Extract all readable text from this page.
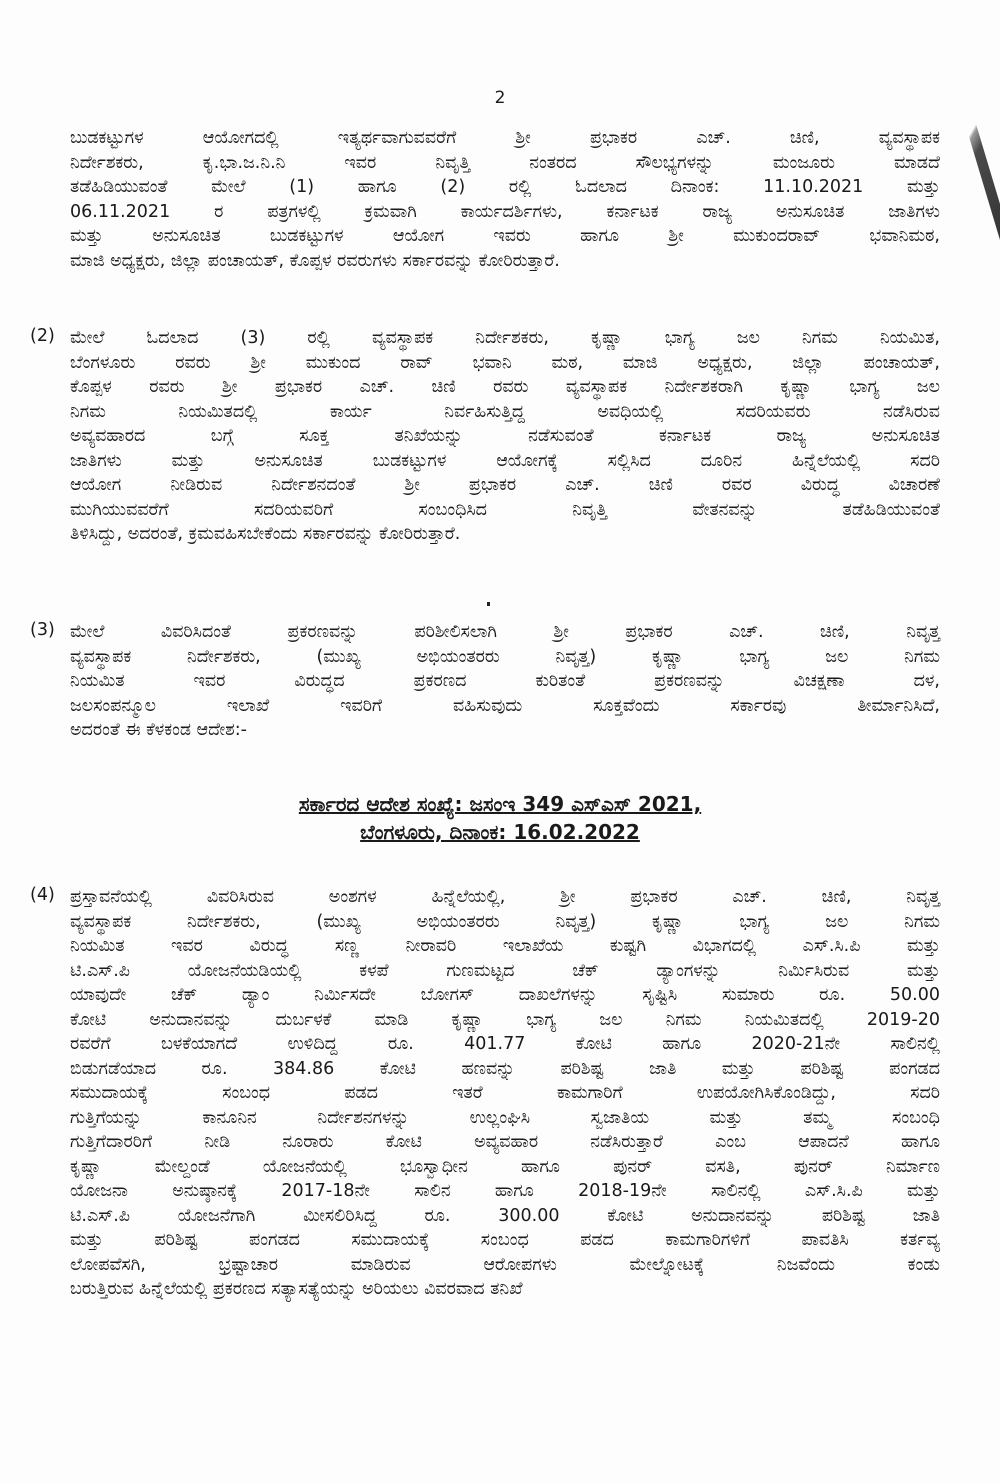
2
ಬುಡಕಟ್ಟುಗಳ ಆಯೋಗದಲ್ಲಿ ಇತ್ಯರ್ಥವಾಗುವವರೆಗೆ ಶ್ರೀ ಪ್ರಭಾಕರ ಎಚ್. ಚಿಣಿ, ವ್ಯವಸ್ಥಾಪಕ
ನಿರ್ದೇಶಕರು, ಕೃ.ಭಾ.ಜ.ನಿ.ನಿ ಇವರ ನಿವೃತ್ತಿ ನಂತರದ ಸೌಲಭ್ಯಗಳನ್ನು ಮಂಜೂರು ಮಾಡದೆ
ತಡೆಹಿಡಿಯುವಂತೆ ಮೇಲೆ (1) ಹಾಗೂ (2) ರಲ್ಲಿ ಓದಲಾದ ದಿನಾಂಕ: 11.10.2021 ಮತ್ತು
06.11.2021 ರ ಪತ್ರಗಳಲ್ಲಿ ಕ್ರಮವಾಗಿ ಕಾರ್ಯದರ್ಶಿಗಳು, ಕರ್ನಾಟಕ ರಾಜ್ಯ ಅನುಸೂಚಿತ ಜಾತಿಗಳು
ಮತ್ತು ಅನುಸೂಚಿತ ಬುಡಕಟ್ಟುಗಳ ಆಯೋಗ ಇವರು ಹಾಗೂ ಶ್ರೀ ಮುಕುಂದರಾವ್ ಭವಾನಿಮಠ,
ಮಾಜಿ ಅಧ್ಯಕ್ಷರು, ಜಿಲ್ಲಾ ಪಂಚಾಯತ್, ಕೊಪ್ಪಳ ರವರುಗಳು ಸರ್ಕಾರವನ್ನು ಕೋರಿರುತ್ತಾರೆ.
(2) ಮೇಲೆ ಓದಲಾದ (3) ರಲ್ಲಿ ವ್ಯವಸ್ಥಾಪಕ ನಿರ್ದೇಶಕರು, ಕೃಷ್ಣಾ ಭಾಗ್ಯ ಜಲ ನಿಗಮ ನಿಯಮಿತ,
ಬೆಂಗಳೂರು ರವರು ಶ್ರೀ ಮುಕುಂದ ರಾವ್ ಭವಾನಿ ಮಠ, ಮಾಜಿ ಅಧ್ಯಕ್ಷರು, ಜಿಲ್ಲಾ ಪಂಚಾಯತ್,
ಕೊಪ್ಪಳ ರವರು ಶ್ರೀ ಪ್ರಭಾಕರ ಎಚ್. ಚಿಣಿ ರವರು ವ್ಯವಸ್ಥಾಪಕ ನಿರ್ದೇಶಕರಾಗಿ ಕೃಷ್ಣಾ ಭಾಗ್ಯ ಜಲ
ನಿಗಮ ನಿಯಮಿತದಲ್ಲಿ ಕಾರ್ಯ ನಿರ್ವಹಿಸುತ್ತಿದ್ದ ಅವಧಿಯಲ್ಲಿ ಸದರಿಯವರು ನಡೆಸಿರುವ
ಅವ್ಯವಹಾರದ ಬಗ್ಗೆ ಸೂಕ್ತ ತನಿಖೆಯನ್ನು ನಡೆಸುವಂತೆ ಕರ್ನಾಟಕ ರಾಜ್ಯ ಅನುಸೂಚಿತ
ಜಾತಿಗಳು ಮತ್ತು ಅನುಸೂಚಿತ ಬುಡಕಟ್ಟುಗಳ ಆಯೋಗಕ್ಕೆ ಸಲ್ಲಿಸಿದ ದೂರಿನ ಹಿನ್ನೆಲೆಯಲ್ಲಿ ಸದರಿ
ಆಯೋಗ ನೀಡಿರುವ ನಿರ್ದೇಶನದಂತೆ ಶ್ರೀ ಪ್ರಭಾಕರ ಎಚ್. ಚಿಣಿ ರವರ ವಿರುದ್ಧ ವಿಚಾರಣೆ
ಮುಗಿಯುವವರೆಗೆ ಸದರಿಯವರಿಗೆ ಸಂಬಂಧಿಸಿದ ನಿವೃತ್ತಿ ವೇತನವನ್ನು ತಡೆಹಿಡಿಯುವಂತೆ
ತಿಳಿಸಿದ್ದು, ಅದರಂತೆ, ಕ್ರಮವಹಿಸಬೇಕೆಂದು ಸರ್ಕಾರವನ್ನು ಕೋರಿರುತ್ತಾರೆ.
(3) ಮೇಲೆ ವಿವರಿಸಿದಂತೆ ಪ್ರಕರಣವನ್ನು ಪರಿಶೀಲಿಸಲಾಗಿ ಶ್ರೀ ಪ್ರಭಾಕರ ಎಚ್. ಚಿಣಿ, ನಿವೃತ್ತ
ವ್ಯವಸ್ಥಾಪಕ ನಿರ್ದೇಶಕರು, (ಮುಖ್ಯ ಅಭಿಯಂತರರು ನಿವೃತ್ತ) ಕೃಷ್ಣಾ ಭಾಗ್ಯ ಜಲ ನಿಗಮ
ನಿಯಮಿತ ಇವರ ವಿರುದ್ಧದ ಪ್ರಕರಣದ ಕುರಿತಂತೆ ಪ್ರಕರಣವನ್ನು ವಿಚಕ್ಷಣಾ ದಳ,
ಜಲಸಂಪನ್ಮೂಲ ಇಲಾಖೆ ಇವರಿಗೆ ವಹಿಸುವುದು ಸೂಕ್ತವೆಂದು ಸರ್ಕಾರವು ತೀರ್ಮಾನಿಸಿದೆ,
ಅದರಂತೆ ಈ ಕೆಳಕಂಡ ಆದೇಶ:-
ಸರ್ಕಾರದ ಆದೇಶ ಸಂಖ್ಯೆ: ಜಸಂಇ 349 ಎಸ್ಎಸ್ 2021,
ಬೆಂಗಳೂರು, ದಿನಾಂಕ: 16.02.2022
(4) ಪ್ರಸ್ತಾವನೆಯಲ್ಲಿ ವಿವರಿಸಿರುವ ಅಂಶಗಳ ಹಿನ್ನೆಲೆಯಲ್ಲಿ, ಶ್ರೀ ಪ್ರಭಾಕರ ಎಚ್. ಚಿಣಿ, ನಿವೃತ್ತ
ವ್ಯವಸ್ಥಾಪಕ ನಿರ್ದೇಶಕರು, (ಮುಖ್ಯ ಅಭಿಯಂತರರು ನಿವೃತ್ತ) ಕೃಷ್ಣಾ ಭಾಗ್ಯ ಜಲ ನಿಗಮ
ನಿಯಮಿತ ಇವರ ವಿರುದ್ಧ ಸಣ್ಣ ನೀರಾವರಿ ಇಲಾಖೆಯ ಕುಷ್ಟಗಿ ವಿಭಾಗದಲ್ಲಿ ಎಸ್.ಸಿ.ಪಿ ಮತ್ತು
ಟಿ.ಎಸ್.ಪಿ ಯೋಜನೆಯಡಿಯಲ್ಲಿ ಕಳಪೆ ಗುಣಮಟ್ಟದ ಚೆಕ್ ಡ್ಯಾಂಗಳನ್ನು ನಿರ್ಮಿಸಿರುವ ಮತ್ತು
ಯಾವುದೇ ಚೆಕ್ ಡ್ಯಾಂ ನಿರ್ಮಿಸದೇ ಬೋಗಸ್ ದಾಖಲೆಗಳನ್ನು ಸೃಷ್ಟಿಸಿ ಸುಮಾರು ರೂ. 50.00
ಕೋಟಿ ಅನುದಾನವನ್ನು ದುರ್ಬಳಕೆ ಮಾಡಿ ಕೃಷ್ಣಾ ಭಾಗ್ಯ ಜಲ ನಿಗಮ ನಿಯಮಿತದಲ್ಲಿ 2019-20
ರವರೆಗೆ ಬಳಕೆಯಾಗದೆ ಉಳಿದಿದ್ದ ರೂ. 401.77 ಕೋಟಿ ಹಾಗೂ 2020-21ನೇ ಸಾಲಿನಲ್ಲಿ
ಬಿಡುಗಡೆಯಾದ ರೂ. 384.86 ಕೋಟಿ ಹಣವನ್ನು ಪರಿಶಿಷ್ಟ ಜಾತಿ ಮತ್ತು ಪರಿಶಿಷ್ಟ ಪಂಗಡದ
ಸಮುದಾಯಕ್ಕೆ ಸಂಬಂಧ ಪಡದ ಇತರೆ ಕಾಮಗಾರಿಗೆ ಉಪಯೋಗಿಸಿಕೊಂಡಿದ್ದು, ಸದರಿ
ಗುತ್ತಿಗೆಯನ್ನು ಕಾನೂನಿನ ನಿರ್ದೇಶನಗಳನ್ನು ಉಲ್ಲಂಘಿಸಿ ಸ್ವಜಾತಿಯ ಮತ್ತು ತಮ್ಮ ಸಂಬಂಧಿ
ಗುತ್ತಿಗೆದಾರರಿಗೆ ನೀಡಿ ನೂರಾರು ಕೋಟಿ ಅವ್ಯವಹಾರ ನಡೆಸಿರುತ್ತಾರೆ ಎಂಬ ಆಪಾದನೆ ಹಾಗೂ
ಕೃಷ್ಣಾ ಮೇಲ್ದಂಡೆ ಯೋಜನೆಯಲ್ಲಿ ಭೂಸ್ವಾಧೀನ ಹಾಗೂ ಪುನರ್ ವಸತಿ, ಪುನರ್ ನಿರ್ಮಾಣ
ಯೋಜನಾ ಅನುಷ್ಠಾನಕ್ಕೆ 2017-18ನೇ ಸಾಲಿನ ಹಾಗೂ 2018-19ನೇ ಸಾಲಿನಲ್ಲಿ ಎಸ್.ಸಿ.ಪಿ ಮತ್ತು
ಟಿ.ಎಸ್.ಪಿ ಯೋಜನೆಗಾಗಿ ಮೀಸಲಿರಿಸಿದ್ದ ರೂ. 300.00 ಕೋಟಿ ಅನುದಾನವನ್ನು ಪರಿಶಿಷ್ಟ ಜಾತಿ
ಮತ್ತು ಪರಿಶಿಷ್ಟ ಪಂಗಡದ ಸಮುದಾಯಕ್ಕೆ ಸಂಬಂಧ ಪಡದ ಕಾಮಗಾರಿಗಳಿಗೆ ಪಾವತಿಸಿ ಕರ್ತವ್ಯ
ಲೋಪವೆಸಗಿ, ಭ್ರಷ್ಟಾಚಾರ ಮಾಡಿರುವ ಆರೋಪಗಳು ಮೇಲ್ನೋಟಕ್ಕೆ ನಿಜವೆಂದು ಕಂಡು
ಬರುತ್ತಿರುವ ಹಿನ್ನೆಲೆಯಲ್ಲಿ ಪ್ರಕರಣದ ಸತ್ಯಾಸತ್ಯೆಯನ್ನು ಅರಿಯಲು ವಿವರವಾದ ತನಿಖೆ
